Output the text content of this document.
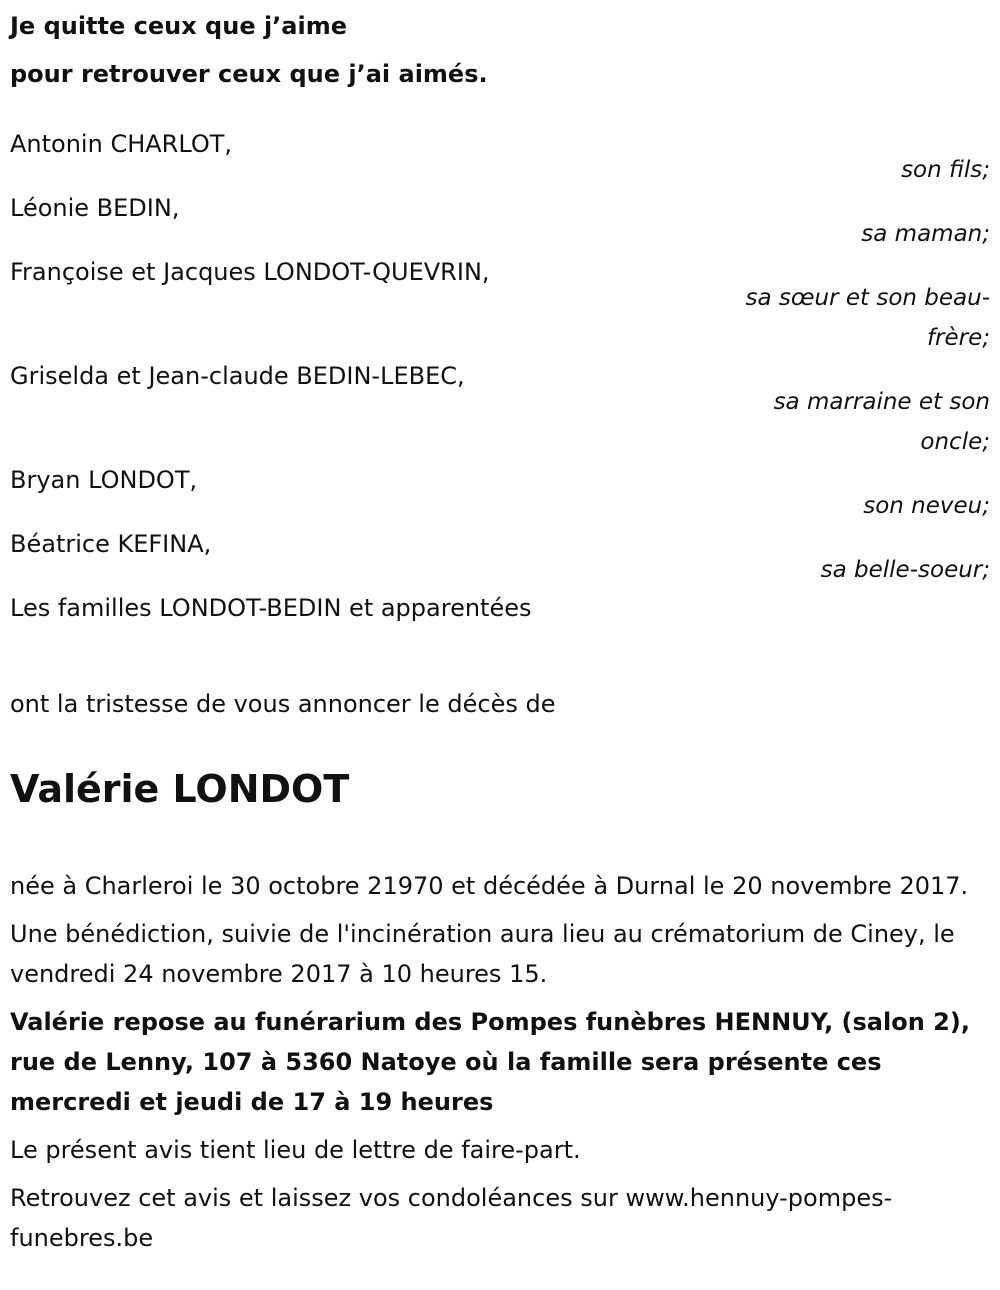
Je quitte ceux que j’aime
pour retrouver ceux que j’ai aimés.
Antonin CHARLOT,
son fils;
Léonie BEDIN,
sa maman;
Françoise et Jacques LONDOT-QUEVRIN,
sa sœur et son beau-frère;
Griselda et Jean-claude BEDIN-LEBEC,
sa marraine et son oncle;
Bryan LONDOT,
son neveu;
Béatrice KEFINA,
sa belle-soeur;
Les familles LONDOT-BEDIN et apparentées
ont la tristesse de vous annoncer le décès de
Valérie LONDOT
née à Charleroi le 30 octobre 21970 et décédée à Durnal le 20 novembre 2017.
Une bénédiction, suivie de l'incinération aura lieu au crématorium de Ciney, le vendredi 24 novembre 2017 à 10 heures 15.
Valérie repose au funérarium des Pompes funèbres HENNUY, (salon 2), rue de Lenny, 107 à 5360 Natoye où la famille sera présente ces mercredi et jeudi de 17 à 19 heures
Le présent avis tient lieu de lettre de faire-part.
Retrouvez cet avis et laissez vos condoléances sur www.hennuy-pompes-funebres.be
